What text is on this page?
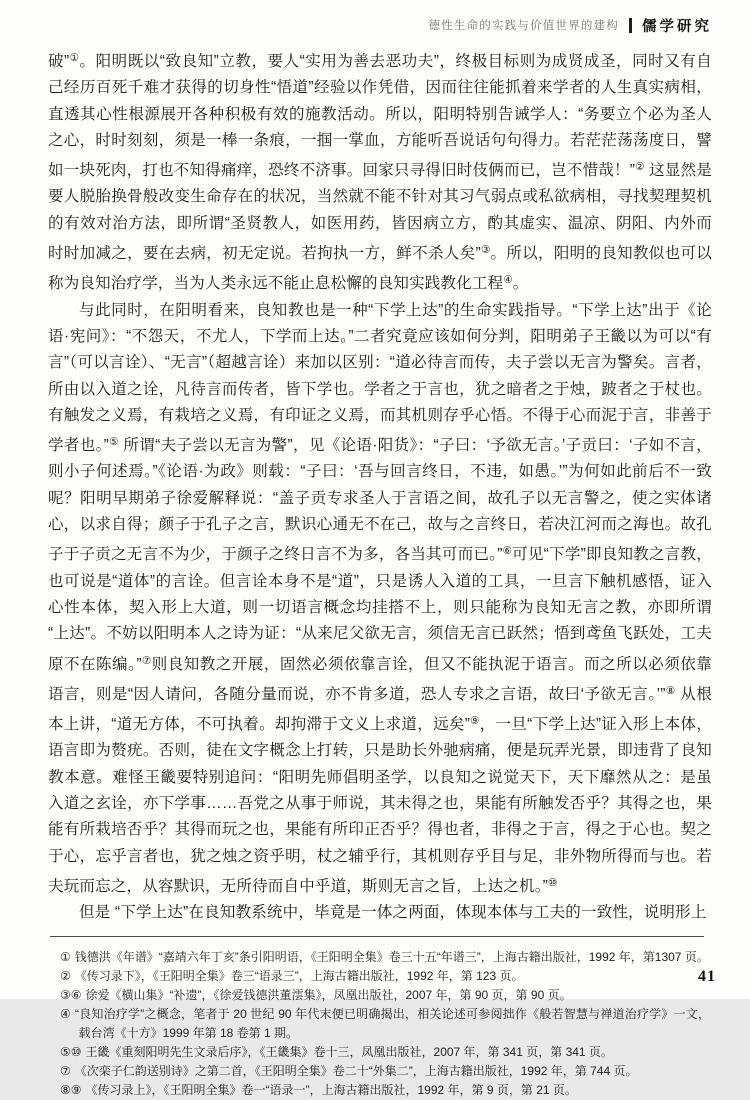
德性生命的实践与价值世界的建构 儒学研究

破”①。阳明既以“致良知”立教，要人“实用为善去恶功夫”，终极目标则为成贤成圣，同时又有自己经历百死千难才获得的切身性“悟道”经验以作凭借，因而往往能抓着来学者的人生真实病相，直透其心性根源展开各种积极有效的施教活动。所以，阳明特别告诫学人：“务要立个必为圣人之心，时时刻刻，须是一棒一条痕，一掴一掌血，方能听吾说话句句得力。若茫茫荡荡度日，譬如一块死肉，打也不知得痛痒，恐终不济事。回家只寻得旧时伎俩而已，岂不惜哉！”② 这显然是要人脱胎换骨般改变生命存在的状况，当然就不能不针对其习气弱点或私欲病相，寻找契理契机的有效对治方法，即所谓“圣贤教人，如医用药，皆因病立方，酌其虚实、温凉、阴阳、内外而时时加减之，要在去病，初无定说。若拘执一方，鲜不杀人矣”③。所以，阳明的良知教似也可以称为良知治疗学，当为人类永远不能止息松懈的良知实践教化工程④。

与此同时，在阳明看来，良知教也是一种“下学上达”的生命实践指导。“下学上达”出于《论语·宪问》：“不怨天，不尤人，下学而上达。”二者究竟应该如何分判，阳明弟子王畿以为可以“有言”（可以言诠）、“无言”（超越言诠）来加以区别：“道必待言而传，夫子尝以无言为警矣。言者，所由以入道之诠，凡待言而传者，皆下学也。学者之于言也，犹之暗者之于烛，跛者之于杖也。有触发之义焉，有栽培之义焉，有印证之义焉，而其机则存乎心悟。不得于心而泥于言，非善于学者也。”⑤ 所谓“夫子尝以无言为警”，见《论语·阳货》：“子曰：‘予欲无言。’子贡曰：‘子如不言，则小子何述焉。”《论语·为政》则载：“子曰：‘吾与回言终日，不违，如愚。’”为何如此前后不一致呢？阳明早期弟子徐爱解释说：“盖子贡专求圣人于言语之间，故孔子以无言警之，使之实体诸心，以求自得；颜子于孔子之言，默识心通无不在己，故与之言终日，若决江河而之海也。故孔子于子贡之无言不为少，于颜子之终日言不为多，各当其可而已。”⑥可见“下学”即良知教之言教，也可说是“道体”的言诠。但言诠本身不是“道”，只是诱人入道的工具，一旦言下触机感悟，证入心性本体，契入形上大道，则一切语言概念均挂搭不上，则只能称为良知无言之教，亦即所谓“上达”。不妨以阳明本人之诗为证：“从来尼父欲无言，须信无言已跃然；悟到鸢鱼飞跃处，工夫原不在陈编。”⑦则良知教之开展，固然必须依靠言诠，但又不能执泥于语言。而之所以必须依靠语言，则是“因人请问，各随分量而说，亦不肯多道，恐人专求之言语，故曰‘予欲无言。’”⑧ 从根本上讲，“道无方体，不可执着。却拘滞于文义上求道，远矣”⑨，一旦“下学上达”证入形上本体，语言即为赘疣。否则，徒在文字概念上打转，只是助长外驰病痛，便是玩弄光景，即违背了良知教本意。难怪王畿要特别追问：“阳明先师倡明圣学，以良知之说觉天下，天下靡然从之：是虽入道之玄诠，亦下学事……吾党之从事于师说，其未得之也，果能有所触发否乎？其得之也，果能有所栽培否乎？其得而玩之也，果能有所印正否乎？得也者，非得之于言，得之于心也。契之于心，忘乎言者也，犹之烛之资乎明，杖之辅乎行，其机则存乎目与足，非外物所得而与也。若夫玩而忘之，从容默识，无所待而自中乎道，斯则无言之旨，上达之机。”⑩

但是 “下学上达”在良知教系统中，毕竟是一体之两面，体现本体与工夫的一致性，说明形上

① 钱德洪《年谱》“嘉靖六年丁亥”条引阳明语，《王阳明全集》卷三十五“年谱三”，上海古籍出版社，1992 年，第1307 页。

② 《传习录下》，《王阳明全集》卷三“语录三”，上海古籍出版社，1992 年，第 123 页。

③⑥ 徐爱《横山集》“补遗”，《徐爱钱德洪董澐集》，凤凰出版社，2007 年，第 90 页，第 90 页。

④ “良知治疗学”之概念，笔者于 20 世纪 90 年代末便已明确揭出，相关论述可参阅拙作《般若智慧与禅道治疗学》一文，载台湾《十方》1999 年第 18 卷第 1 期。

⑤⑩ 王畿《重刻阳明先生文录后序》，《王畿集》卷十三，凤凰出版社，2007 年，第 341 页，第 341 页。

⑦ 《次栾子仁韵送别诗》之第二首，《王阳明全集》卷二十“外集二”，上海古籍出版社，1992 年，第 744 页。

⑧⑨ 《传习录上》，《王阳明全集》卷一“语录一”，上海古籍出版社，1992 年，第 9 页，第 21 页。

41
